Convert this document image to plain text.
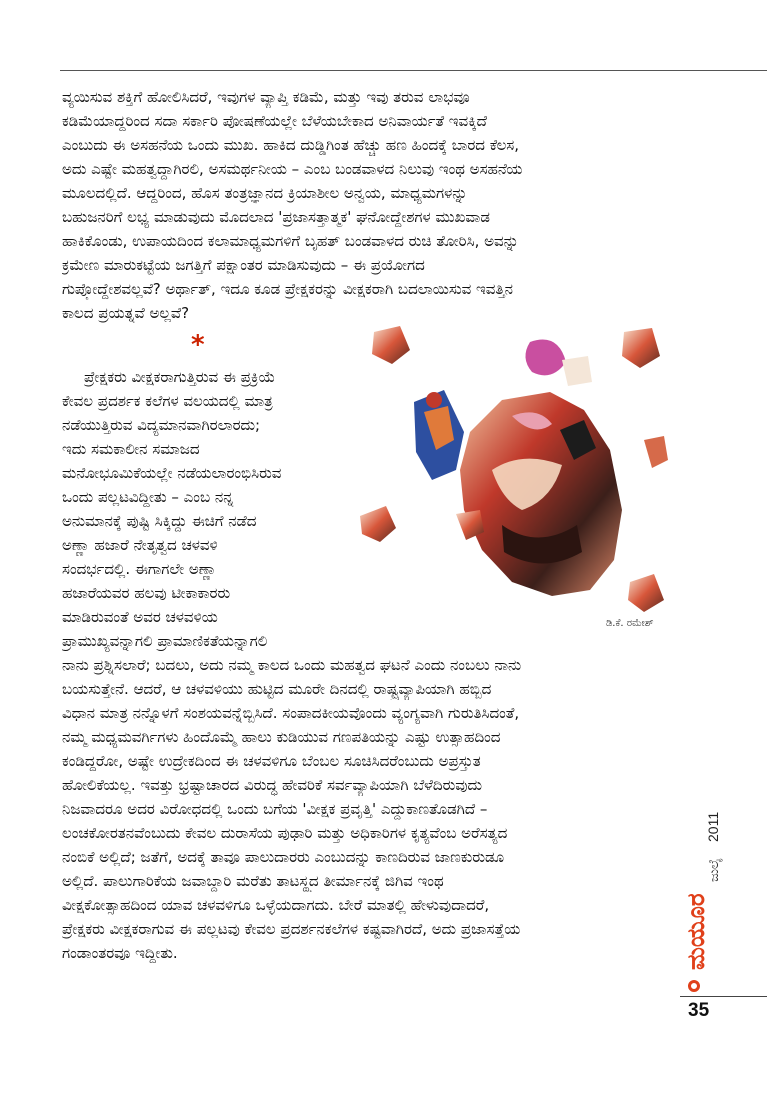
ವ್ಯಯಿಸುವ ಶಕ್ತಿಗೆ ಹೋಲಿಸಿದರೆ, ಇವುಗಳ ವ್ಯಾಪ್ತಿ ಕಡಿಮೆ, ಮತ್ತು ಇವು ತರುವ ಲಾಭವೂ
ಕಡಿಮೆಯಾದ್ದರಿಂದ ಸದಾ ಸರ್ಕಾರಿ ಪೋಷಣೆಯಲ್ಲೇ ಬೆಳೆಯಬೇಕಾದ ಅನಿವಾರ್ಯತೆ ಇವಕ್ಕಿದೆ
ಎಂಬುದು ಈ ಅಸಹನೆಯ ಒಂದು ಮುಖ. ಹಾಕಿದ ದುಡ್ಡಿಗಿಂತ ಹೆಚ್ಚು ಹಣ ಹಿಂದಕ್ಕೆ ಬಾರದ ಕೆಲಸ,
ಅದು ಎಷ್ಟೇ ಮಹತ್ವದ್ದಾಗಿರಲಿ, ಅಸಮರ್ಥನೀಯ – ಎಂಬ ಬಂಡವಾಳದ ನಿಲುವು ಇಂಥ ಅಸಹನೆಯ
ಮೂಲದಲ್ಲಿದೆ. ಆದ್ದರಿಂದ, ಹೊಸ ತಂತ್ರಜ್ಞಾನದ ಕ್ರಿಯಾಶೀಲ ಅನ್ವಯ, ಮಾಧ್ಯಮಗಳನ್ನು
ಬಹುಜನರಿಗೆ ಲಭ್ಯ ಮಾಡುವುದು ಮೊದಲಾದ 'ಪ್ರಜಾಸತ್ತಾತ್ಮಕ' ಘನೋದ್ದೇಶಗಳ ಮುಖವಾಡ
ಹಾಕಿಕೊಂಡು, ಉಪಾಯದಿಂದ ಕಲಾಮಾಧ್ಯಮಗಳಿಗೆ ಬೃಹತ್ ಬಂಡವಾಳದ ರುಚಿ ತೋರಿಸಿ, ಅವನ್ನು
ಕ್ರಮೇಣ ಮಾರುಕಟ್ಟೆಯ ಜಗತ್ತಿಗೆ ಪಕ್ಷಾಂತರ ಮಾಡಿಸುವುದು – ಈ ಪ್ರಯೋಗದ
ಗುಪ್ತೋದ್ದೇಶವಲ್ಲವೆ? ಅರ್ಥಾತ್, ಇದೂ ಕೂಡ ಪ್ರೇಕ್ಷಕರನ್ನು ವೀಕ್ಷಕರಾಗಿ ಬದಲಾಯಿಸುವ ಇವತ್ತಿನ
ಕಾಲದ ಪ್ರಯತ್ನವೆ ಅಲ್ಲವೆ?
*
ಪ್ರೇಕ್ಷಕರು ವೀಕ್ಷಕರಾಗುತ್ತಿರುವ ಈ ಪ್ರಕ್ರಿಯೆ
ಕೇವಲ ಪ್ರದರ್ಶಕ ಕಲೆಗಳ ವಲಯದಲ್ಲಿ ಮಾತ್ರ
ನಡೆಯುತ್ತಿರುವ ವಿದ್ಯಮಾನವಾಗಿರಲಾರದು;
ಇದು ಸಮಕಾಲೀನ ಸಮಾಜದ
ಮನೋಭೂಮಿಕೆಯಲ್ಲೇ ನಡೆಯಲಾರಂಭಿಸಿರುವ
ಒಂದು ಪಲ್ಲಟವಿದ್ದೀತು – ಎಂಬ ನನ್ನ
ಅನುಮಾನಕ್ಕೆ ಪುಷ್ಟಿ ಸಿಕ್ಕಿದ್ದು ಈಚಿಗೆ ನಡೆದ
ಅಣ್ಣಾ ಹಜಾರೆ ನೇತೃತ್ವದ ಚಳವಳಿ
ಸಂದರ್ಭದಲ್ಲಿ. ಈಗಾಗಲೇ ಅಣ್ಣಾ
ಹಜಾರೆಯವರ ಹಲವು ಟೀಕಾಕಾರರು
ಮಾಡಿರುವಂತೆ ಅವರ ಚಳವಳಿಯ
ಪ್ರಾಮುಖ್ಯವನ್ನಾಗಲಿ ಪ್ರಾಮಾಣಿಕತೆಯನ್ನಾಗಲಿ
ಡಿ.ಕೆ. ರಮೇಶ್
ನಾನು ಪ್ರಶ್ನಿಸಲಾರೆ; ಬದಲು, ಅದು ನಮ್ಮ ಕಾಲದ ಒಂದು ಮಹತ್ವದ ಘಟನೆ ಎಂದು ನಂಬಲು ನಾನು
ಬಯಸುತ್ತೇನೆ. ಆದರೆ, ಆ ಚಳವಳಿಯು ಹುಟ್ಟಿದ ಮೂರೇ ದಿನದಲ್ಲಿ ರಾಷ್ಟ್ರವ್ಯಾಪಿಯಾಗಿ ಹಬ್ಬಿದ
ವಿಧಾನ ಮಾತ್ರ ನನ್ನೊಳಗೆ ಸಂಶಯವನ್ನೆಬ್ಬಿಸಿದೆ. ಸಂಪಾದಕೀಯವೊಂದು ವ್ಯಂಗ್ಯವಾಗಿ ಗುರುತಿಸಿದಂತೆ,
ನಮ್ಮ ಮಧ್ಯಮವರ್ಗಿಗಳು ಹಿಂದೊಮ್ಮೆ ಹಾಲು ಕುಡಿಯುವ ಗಣಪತಿಯನ್ನು ಎಷ್ಟು ಉತ್ಸಾಹದಿಂದ
ಕಂಡಿದ್ದರೋ, ಅಷ್ಟೇ ಉದ್ರೇಕದಿಂದ ಈ ಚಳವಳಿಗೂ ಬೆಂಬಲ ಸೂಚಿಸಿದರೆಂಬುದು ಅಪ್ರಸ್ತುತ
ಹೋಲಿಕೆಯಲ್ಲ. ಇವತ್ತು ಭ್ರಷ್ಟಾಚಾರದ ವಿರುದ್ಧ ಹೇವರಿಕೆ ಸರ್ವವ್ಯಾಪಿಯಾಗಿ ಬೆಳೆದಿರುವುದು
ನಿಜವಾದರೂ ಅದರ ವಿರೋಧದಲ್ಲಿ ಒಂದು ಬಗೆಯ 'ವೀಕ್ಷಕ ಪ್ರವೃತ್ತಿ' ಎದ್ದುಕಾಣತೊಡಗಿದೆ –
ಲಂಚಕೋರತನವೆಂಬುದು ಕೇವಲ ದುರಾಸೆಯ ಪುಢಾರಿ ಮತ್ತು ಅಧಿಕಾರಿಗಳ ಕೃತ್ಯವೆಂಬ ಅರೆಸತ್ಯದ
ನಂಬಿಕೆ ಅಲ್ಲಿದೆ; ಜತೆಗೆ, ಅದಕ್ಕೆ ತಾವೂ ಪಾಲುದಾರರು ಎಂಬುದನ್ನು ಕಾಣದಿರುವ ಜಾಣಕುರುಡೂ
ಅಲ್ಲಿದೆ. ಪಾಲುಗಾರಿಕೆಯ ಜವಾಬ್ದಾರಿ ಮರೆತು ತಾಟಸ್ಥ್ಯದ ತೀರ್ಮಾನಕ್ಕೆ ಜಿಗಿವ ಇಂಥ
ವೀಕ್ಷಕೋತ್ಸಾಹದಿಂದ ಯಾವ ಚಳವಳಿಗೂ ಒಳ್ಳೆಯದಾಗದು. ಬೇರೆ ಮಾತಲ್ಲಿ ಹೇಳುವುದಾದರೆ,
ಪ್ರೇಕ್ಷಕರು ವೀಕ್ಷಕರಾಗುವ ಈ ಪಲ್ಲಟವು ಕೇವಲ ಪ್ರದರ್ಶನಕಲೆಗಳ ಕಷ್ಟವಾಗಿರದೆ, ಅದು ಪ್ರಜಾಸತ್ತೆಯ
ಗಂಡಾಂತರವೂ ಇದ್ದೀತು.	ಮಯೂರ
ಜುಲೈ
2011
35
